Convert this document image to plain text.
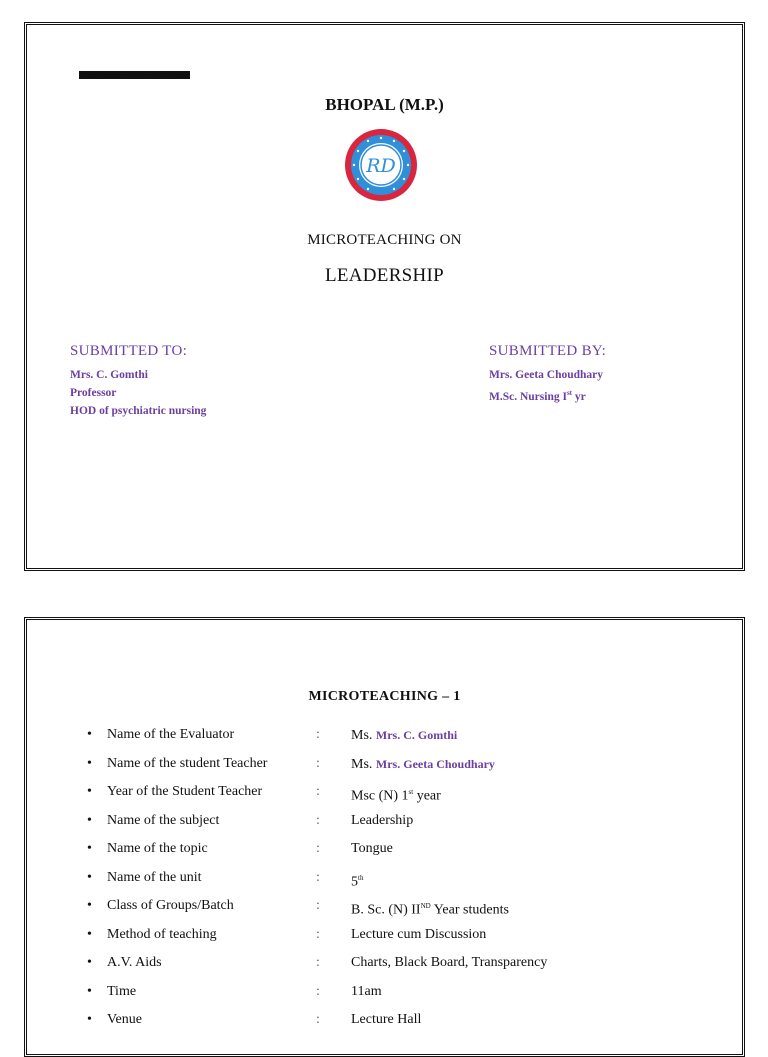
RD MEMORIAL COLLEGE OF NURSING
BHOPAL (M.P.)
RD
MICROTEACHING ON
LEADERSHIP
SUBMITTED TO:
Mrs. C. Gomthi
Professor
HOD of psychiatric nursing
SUBMITTED BY:
Mrs. Geeta Choudhary
M.Sc. Nursing Ist yr
MICROTEACHING – 1
• Name of the Evaluator	: Ms. Mrs. C. Gomthi
• Name of the student Teacher	: Ms. Mrs. Geeta Choudhary
• Year of the Student Teacher	: Msc (N) 1st year
• Name of the subject	: Leadership
• Name of the topic	: Tongue
• Name of the unit	: 5th
• Class of Groups/Batch	: B. Sc. (N) IIND Year students
• Method of teaching	: Lecture cum Discussion
• A.V. Aids	: Charts, Black Board, Transparency
• Time	: 11am
• Venue	: Lecture Hall
